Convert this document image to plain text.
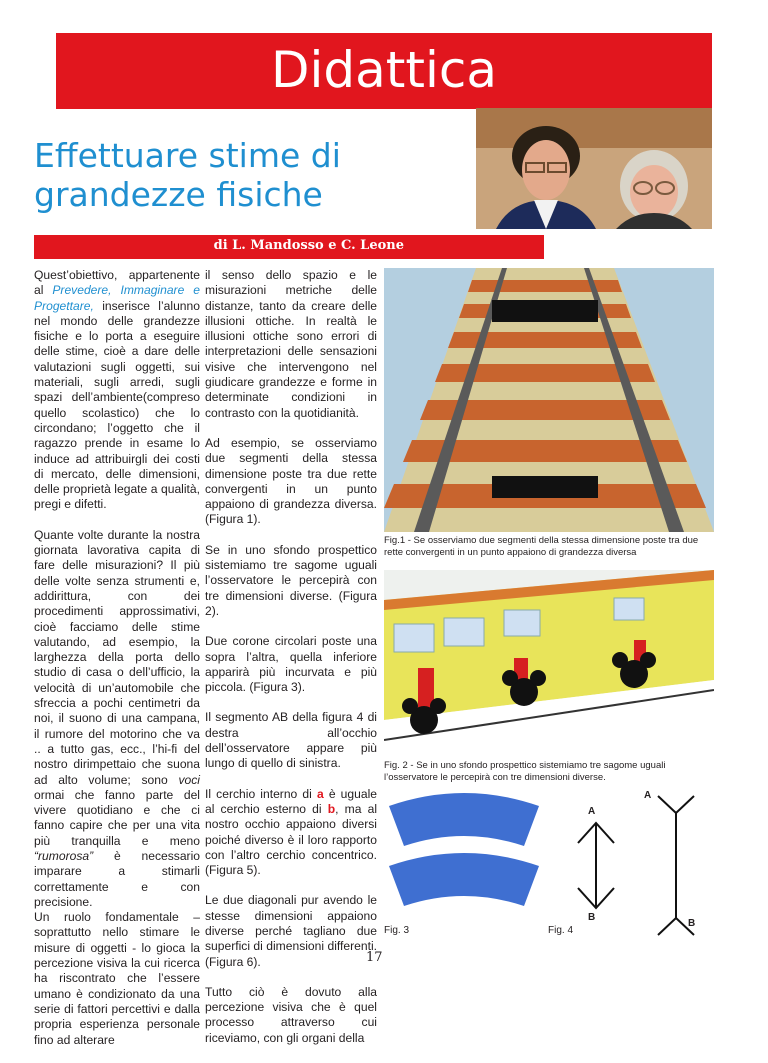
Didattica
Effettuare stime di grandezze fisiche
di L. Mandosso e C. Leone

Quest’obiettivo, appartenente al Prevedere, Immaginare e Progettare, inserisce l’alunno nel mondo delle grandezze fisiche e lo porta a eseguire delle stime, cioè a dare delle valutazioni sugli oggetti, sui materiali, sugli arredi, sugli spazi dell’ambiente(compreso quello scolastico) che lo circondano; l’oggetto che il ragazzo prende in esame lo induce ad attribuirgli dei costi di mercato, delle dimensioni, delle proprietà legate a qualità, pregi e difetti.

Quante volte durante la nostra giornata lavorativa capita di fare delle misurazioni? Il più delle volte senza strumenti e, addirittura, con dei procedimenti approssimativi, cioè facciamo delle stime valutando, ad esempio, la larghezza della porta dello studio di casa o dell’ufficio, la velocità di un’automobile che sfreccia a pochi centimetri da noi, il suono di una campana, il rumore del motorino che va .. a tutto gas, ecc., l’hi-fi del nostro dirimpettaio che suona ad alto volume; sono voci ormai che fanno parte del vivere quotidiano e che ci fanno capire che per una vita più tranquilla e meno “rumorosa” è necessario imparare a stimarli correttamente e con precisione.

Un ruolo fondamentale – soprattutto nello stimare le misure di oggetti - lo gioca la percezione visiva la cui ricerca ha riscontrato che l’essere umano è condizionato da una serie di fattori percettivi e dalla propria esperienza personale fino ad alterare

il senso dello spazio e le misurazioni metriche delle distanze, tanto da creare delle illusioni ottiche. In realtà le illusioni ottiche sono errori di interpretazioni delle sensazioni visive che intervengono nel giudicare grandezze e forme in determinate condizioni in contrasto con la quotidianità.

Ad esempio, se osserviamo due segmenti della stessa dimensione poste tra due rette convergenti in un punto appaiono di grandezza diversa. (Figura 1).

Se in uno sfondo prospettico sistemiamo tre sagome uguali l’osservatore le percepirà con tre dimensioni diverse. (Figura 2).

Due corone circolari poste una sopra l’altra, quella inferiore apparirà più incurvata e più piccola. (Figura 3).

Il segmento AB della figura 4 di destra all’occhio dell’osservatore appare più lungo di quello di sinistra.

Il cerchio interno di a è uguale al cerchio esterno di b, ma al nostro occhio appaiono diversi poiché diverso è il loro rapporto con l’altro cerchio concentrico. (Figura 5).

Le due diagonali pur avendo le stesse dimensioni appaiono diverse perché tagliano due superfici di dimensioni differenti. (Figura 6).

Tutto ciò è dovuto alla percezione visiva che è quel processo attraverso cui riceviamo, con gli organi della

Fig.1 - Se osserviamo due segmenti della stessa dimensione poste tra due rette convergenti in un punto appaiono di grandezza diversa
Fig. 2 - Se in uno sfondo prospettico sistemiamo tre sagome uguali l’osservatore le percepirà con tre dimensioni diverse.
Fig. 3
A
B
A
B
Fig. 4
17
